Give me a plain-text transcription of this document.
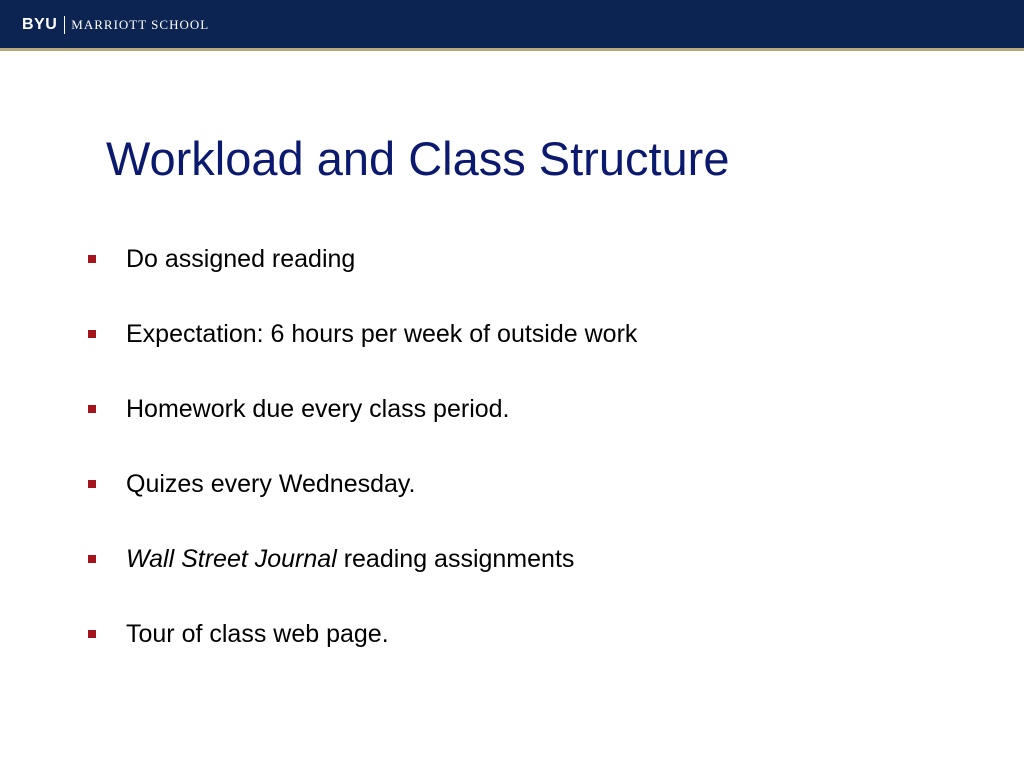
BYU MARRIOTT SCHOOL
Workload and Class Structure
Do assigned reading
Expectation: 6 hours per week of outside work
Homework due every class period.
Quizes every Wednesday.
Wall Street Journal reading assignments
Tour of class web page.
